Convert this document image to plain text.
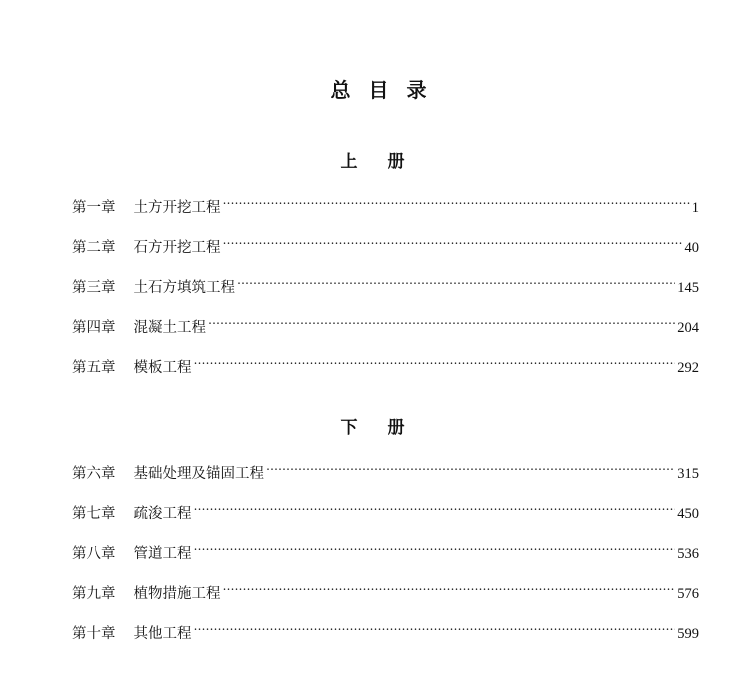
总目录
上册
第一章 土方开挖工程 ……………………………………………………………………………………………………………………………………………………………………………………………………	1
第二章 石方开挖工程 ……………………………………………………………………………………………………………………………………………………………………………………………………	40
第三章 土石方填筑工程 ……………………………………………………………………………………………………………………………………………………………………………………………………	145
第四章 混凝土工程 ……………………………………………………………………………………………………………………………………………………………………………………………………	204
第五章 模板工程 ……………………………………………………………………………………………………………………………………………………………………………………………………	292
下册
第六章 基础处理及锚固工程 ……………………………………………………………………………………………………………………………………………………………………………………………………	315
第七章 疏浚工程 ……………………………………………………………………………………………………………………………………………………………………………………………………	450
第八章 管道工程 ……………………………………………………………………………………………………………………………………………………………………………………………………	536
第九章 植物措施工程 ……………………………………………………………………………………………………………………………………………………………………………………………………	576
第十章 其他工程 ……………………………………………………………………………………………………………………………………………………………………………………………………	599
